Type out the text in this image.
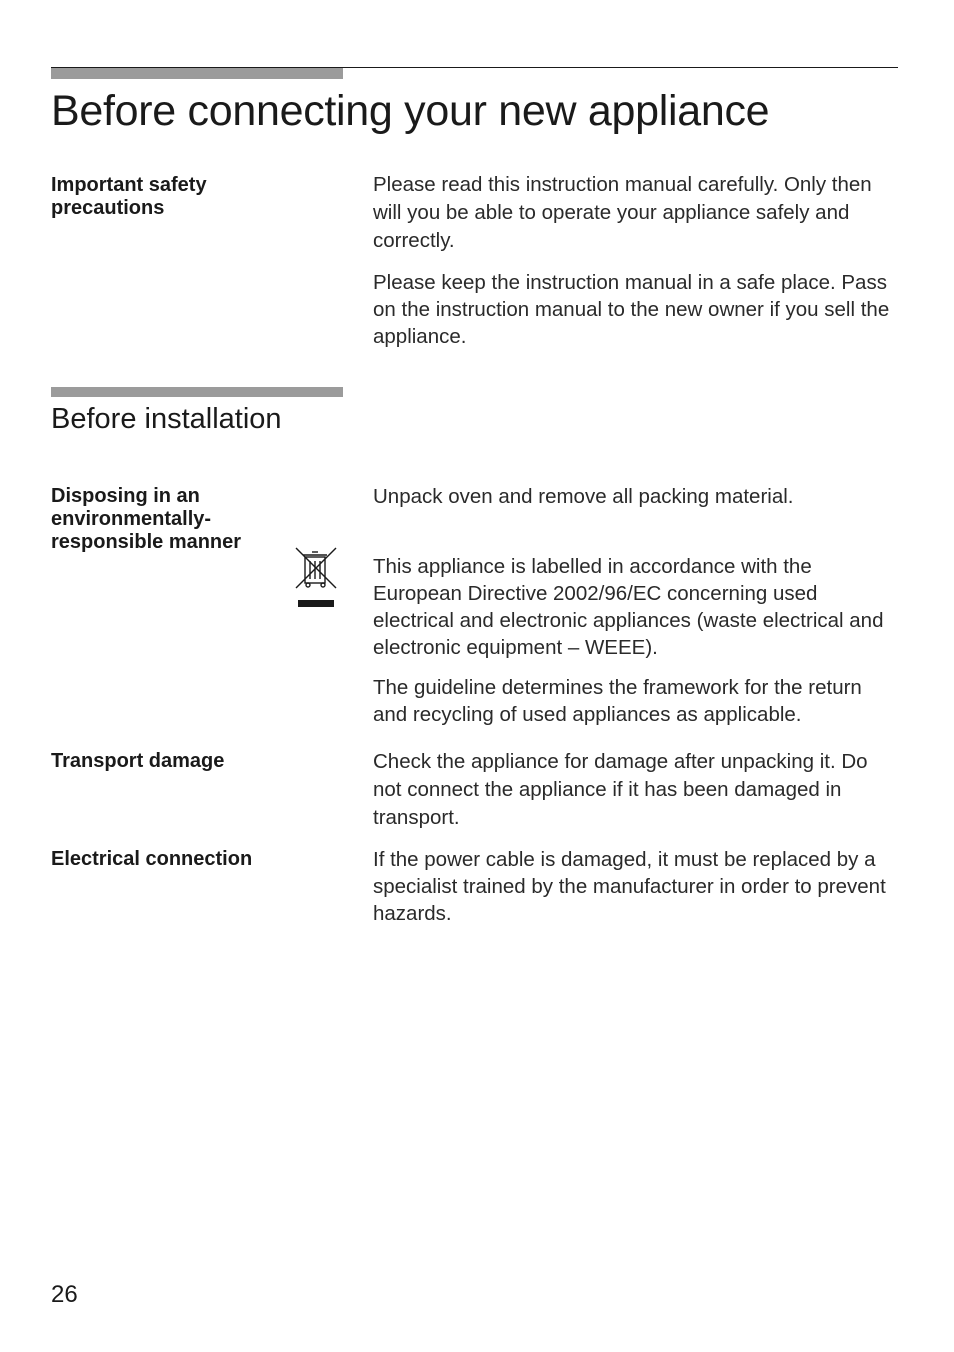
Before connecting your new appliance

Important safety precautions

Please read this instruction manual carefully. Only then will you be able to operate your appliance safely and correctly.

Please keep the instruction manual in a safe place. Pass on the instruction manual to the new owner if you sell the appliance.

Before installation

Disposing in an environmentally-responsible manner

Unpack oven and remove all packing material.

This appliance is labelled in accordance with the European Directive 2002/96/EC concerning used electrical and electronic appliances (waste electrical and electronic equipment – WEEE).

The guideline determines the framework for the return and recycling of used appliances as applicable.

Transport damage	Check the appliance for damage after unpacking it. Do not connect the appliance if it has been damaged in transport.

Electrical connection	If the power cable is damaged, it must be replaced by a specialist trained by the manufacturer in order to prevent hazards.

26
